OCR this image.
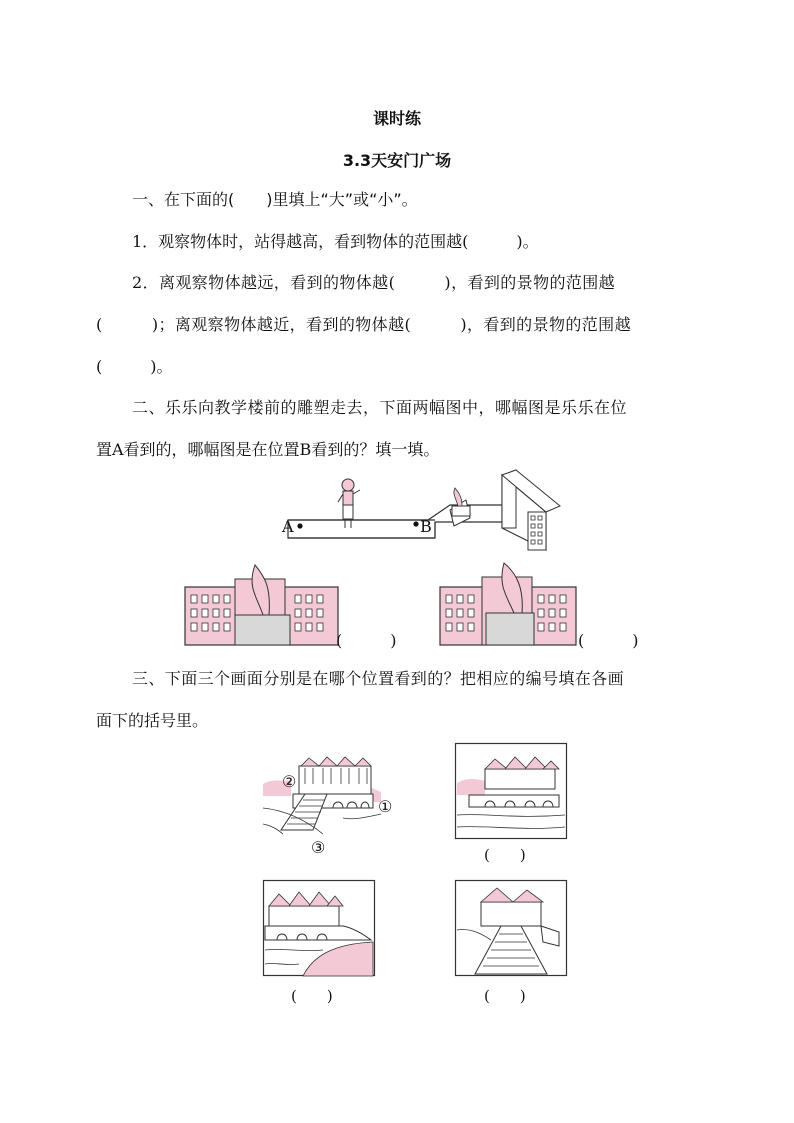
课时练
3.3天安门广场
一、在下面的(　　)里填上“大”或“小”。
1．观察物体时，站得越高，看到物体的范围越(　　　)。
2．离观察物体越远，看到的物体越(　　　)，看到的景物的范围越
(　　　)；离观察物体越近，看到的物体越(　　　)，看到的景物的范围越
(　　　)。
二、乐乐向教学楼前的雕塑走去，下面两幅图中，哪幅图是乐乐在位
置A看到的，哪幅图是在位置B看到的？填一填。
A	B
(　　　)	(　　　)
三、下面三个画面分别是在哪个位置看到的？把相应的编号填在各画
面下的括号里。
②
①
③	(　　)
(　　)	(　　)
